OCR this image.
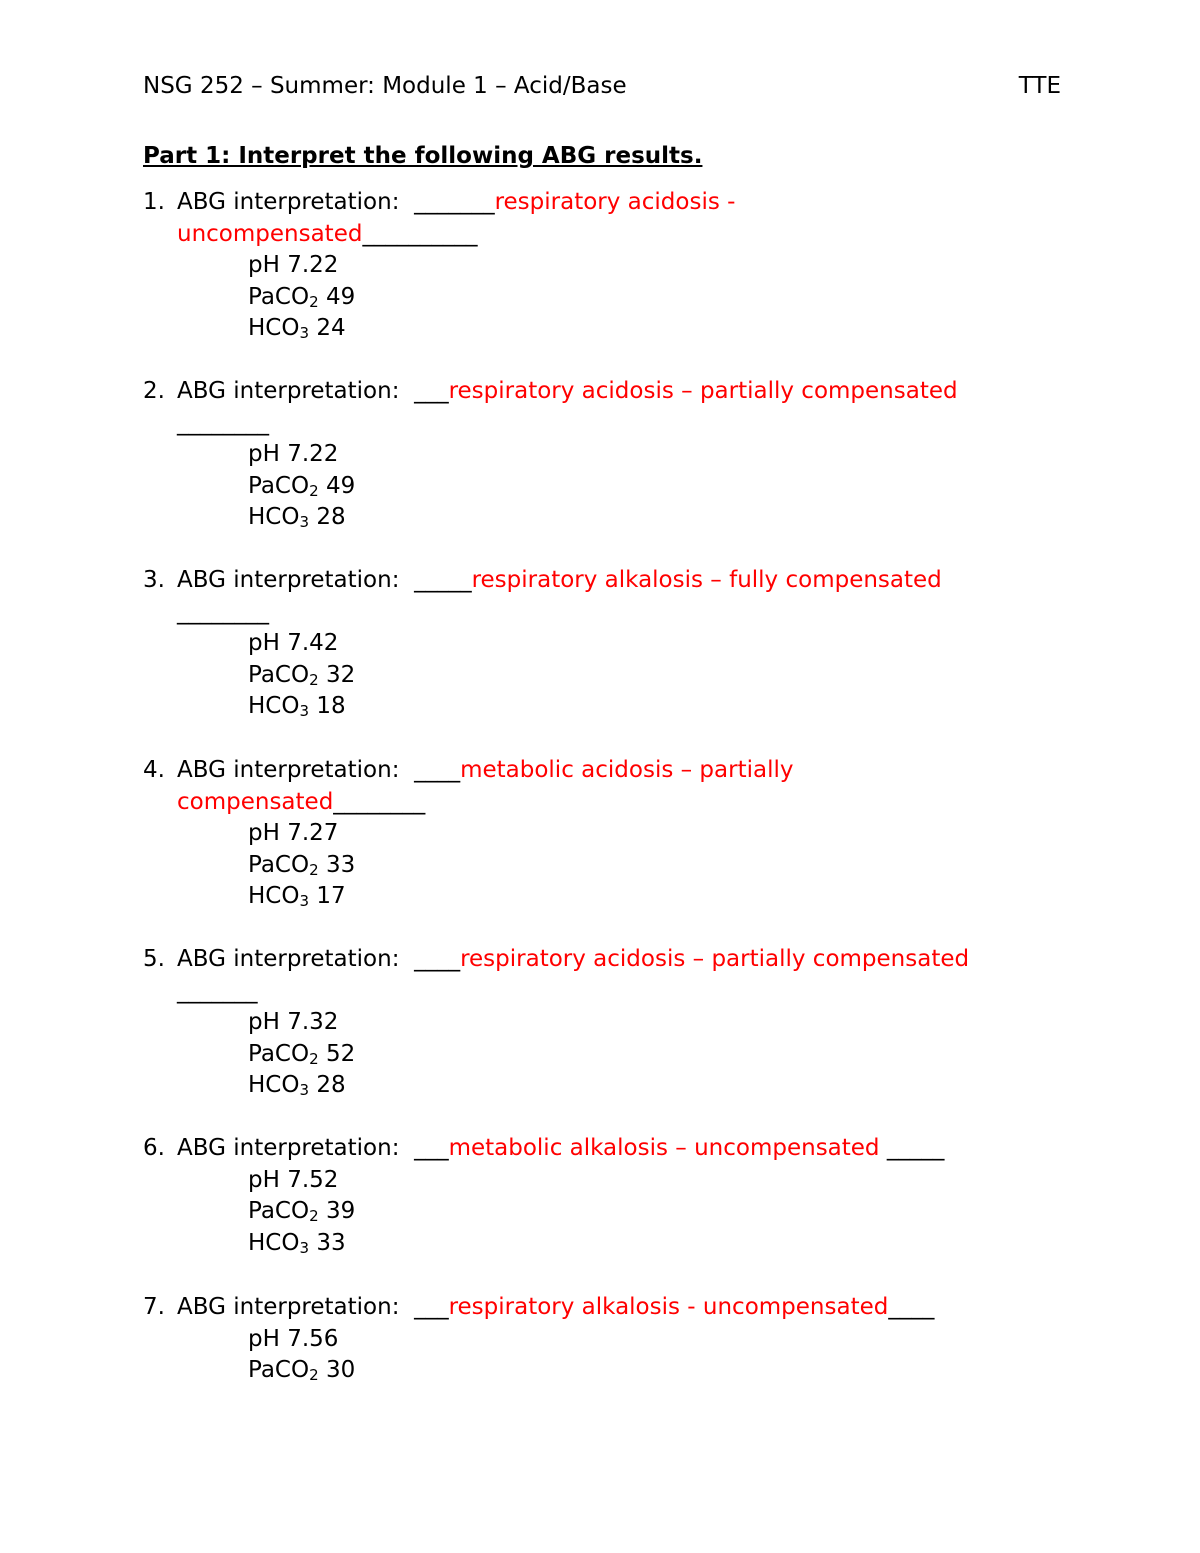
NSG 252 – Summer: Module 1 – Acid/Base	TTE
Part 1: Interpret the following ABG results.
1. ABG interpretation: _______respiratory acidosis -
uncompensated__________
pH 7.22
PaCO$_2$ 49
$HCO_3$ 24
2. ABG interpretation: ___respiratory acidosis – partially compensated
________
pH 7.22
PaCO$_2$ 49
$HCO_3$ 28
3. ABG interpretation: _____respiratory alkalosis – fully compensated
________
pH 7.42
PaCO$_2$ 32
$HCO_3$ 18
4. ABG interpretation: ____metabolic acidosis – partially
compensated________
pH 7.27
PaCO$_2$ 33
$HCO_3$ 17
5. ABG interpretation: ____respiratory acidosis – partially compensated
_______
pH 7.32
PaCO$_2$ 52
$HCO_3$ 28
6. ABG interpretation: ___metabolic alkalosis – uncompensated _____
pH 7.52
PaCO$_2$ 39
$HCO_3$ 33
7. ABG interpretation: ___respiratory alkalosis - uncompensated____
pH 7.56
PaCO$_2$ 30
